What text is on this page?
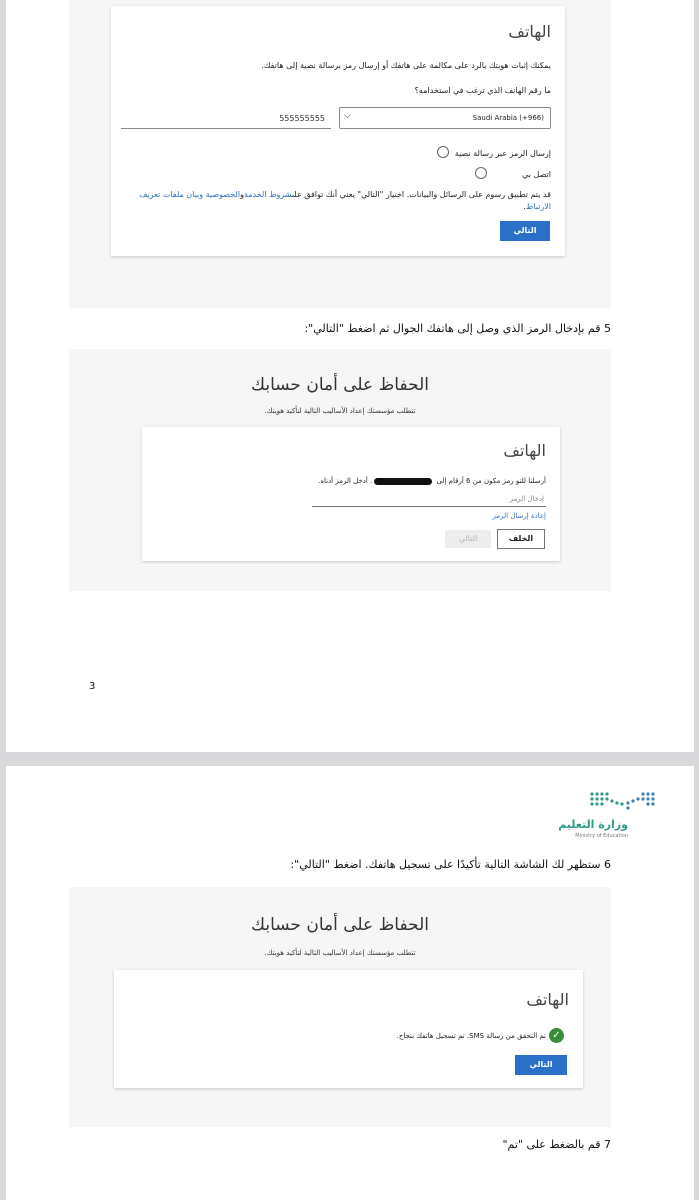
الهاتف
يمكنك إثبات هويتك بالرد على مكالمة على هاتفك أو إرسال رمز برسالة نصية إلى هاتفك.
ما رقم الهاتف الذي ترغب في استخدامه؟
⌵	Saudi Arabia (+966)
555555555
إرسال الرمز عبر رسالة نصية
اتصل بي
قد يتم تطبيق رسوم على الرسائل والبيانات. اختيار "التالي" يعني أنك توافق علىشروط الخدمةوالخصوصية وبيان ملفات تعريف الارتباط.
التالي
5 قم بإدخال الرمز الذي وصل إلى هاتفك الجوال ثم اضغط "التالي":
الحفاظ على أمان حسابك
تتطلب مؤسستك إعداد الأساليب التالية لتأكيد هويتك.
الهاتف
أرسلنا للتو رمز مكون من 6 أرقام إلى . أدخل الرمز أدناه.
إدخال الرمز
إعادة إرسال الرمز
الخلف
التالي
3
وزارة التعليم
Ministry of Education
6 ستظهر لك الشاشة التالية تأكيدًا على تسجيل هاتفك. اضغط "التالي":
الحفاظ على أمان حسابك
تتطلب مؤسستك إعداد الأساليب التالية لتأكيد هويتك.
الهاتف
✓
تم التحقق من رسالة SMS. تم تسجيل هاتفك بنجاح.
التالي
7 قم بالضغط على "تم"
